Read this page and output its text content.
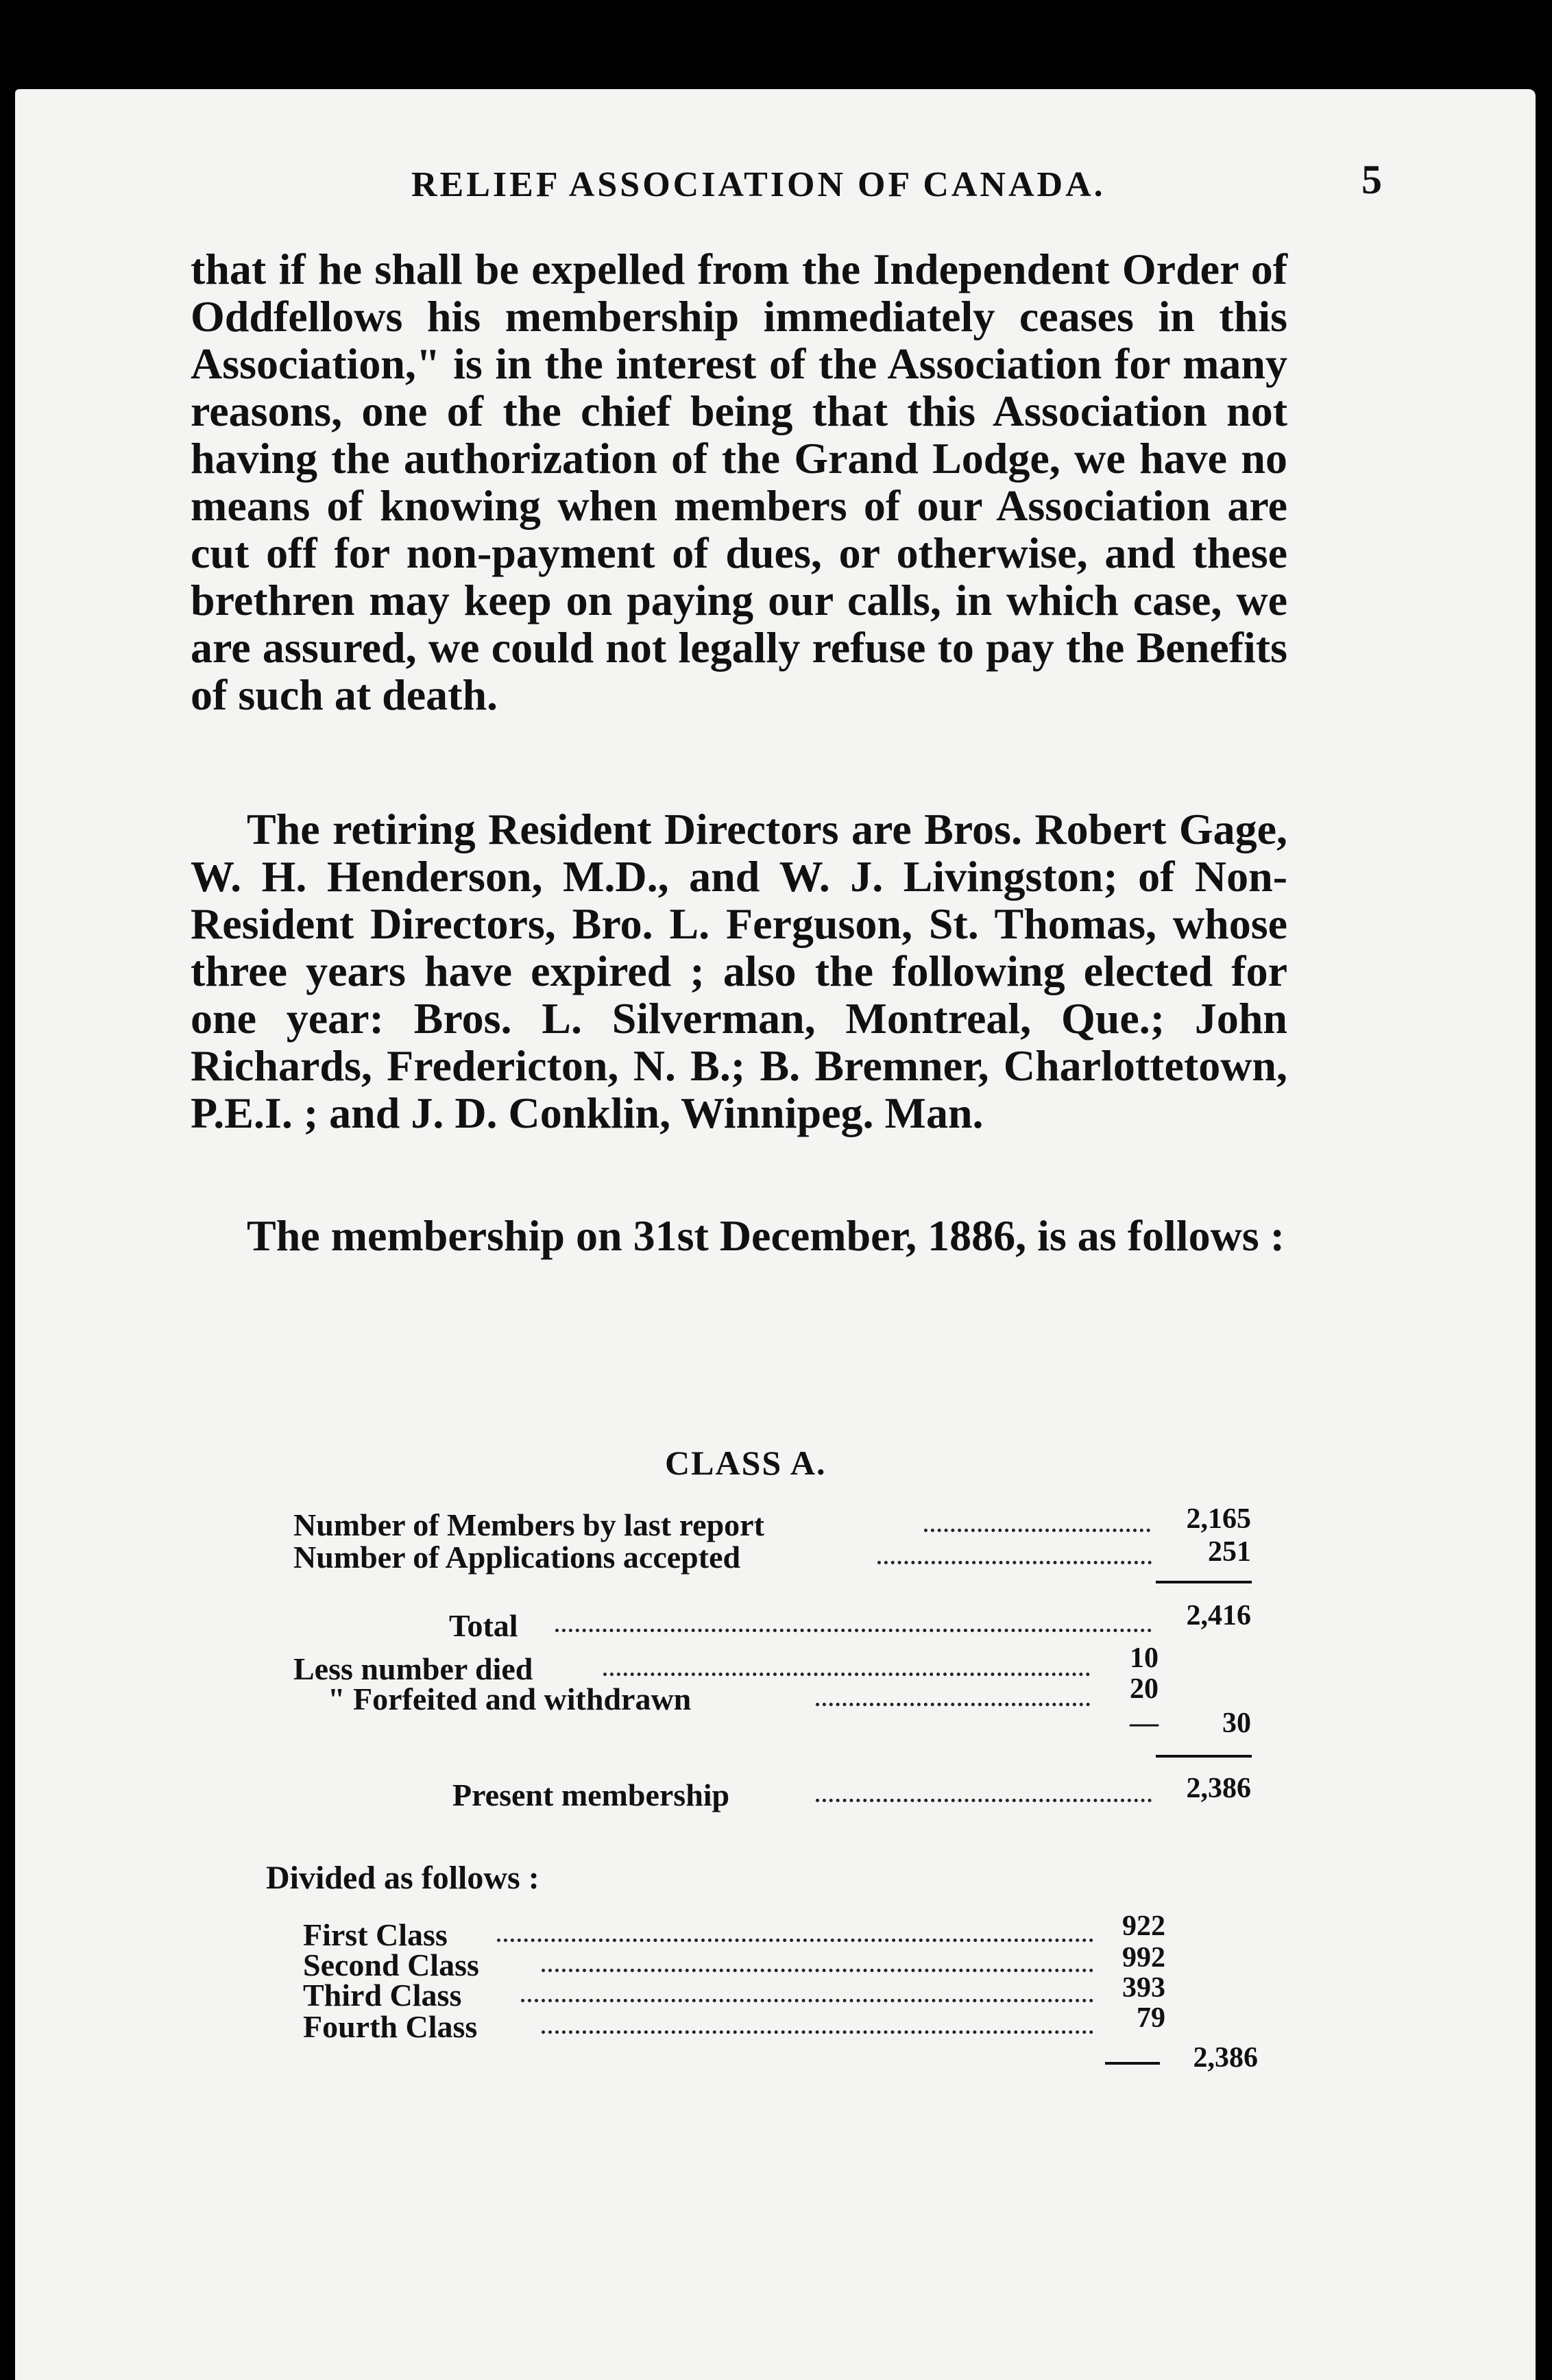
RELIEF ASSOCIATION OF CANADA.	5

that if he shall be expelled from the Independent Order of Oddfellows his membership immediately ceases in this Association," is in the interest of the Association for many reasons, one of the chief being that this Association not having the authorization of the Grand Lodge, we have no means of knowing when members of our Association are cut off for non-payment of dues, or otherwise, and these brethren may keep on paying our calls, in which case, we are assured, we could not legally refuse to pay the Benefits of such at death.

The retiring Resident Directors are Bros. Robert Gage, W. H. Henderson, M.D., and W. J. Livingston; of Non-Resident Directors, Bro. L. Ferguson, St. Thomas, whose three years have expired ; also the following elected for one year: Bros. L. Silverman, Montreal, Que.; John Richards, Fredericton, N. B.; B. Bremner, Charlottetown, P.E.I. ; and J. D. Conklin, Winnipeg. Man.

The membership on 31st December, 1886, is as follows :

CLASS A.
Number of Members by last report	2,165
Number of Applications accepted	251
Total	2,416
Less number died	10
" Forfeited and withdrawn	20
—	30
Present membership	2,386
Divided as follows :
First Class	922
Second Class	992
Third Class	393
Fourth Class	79
2,386
